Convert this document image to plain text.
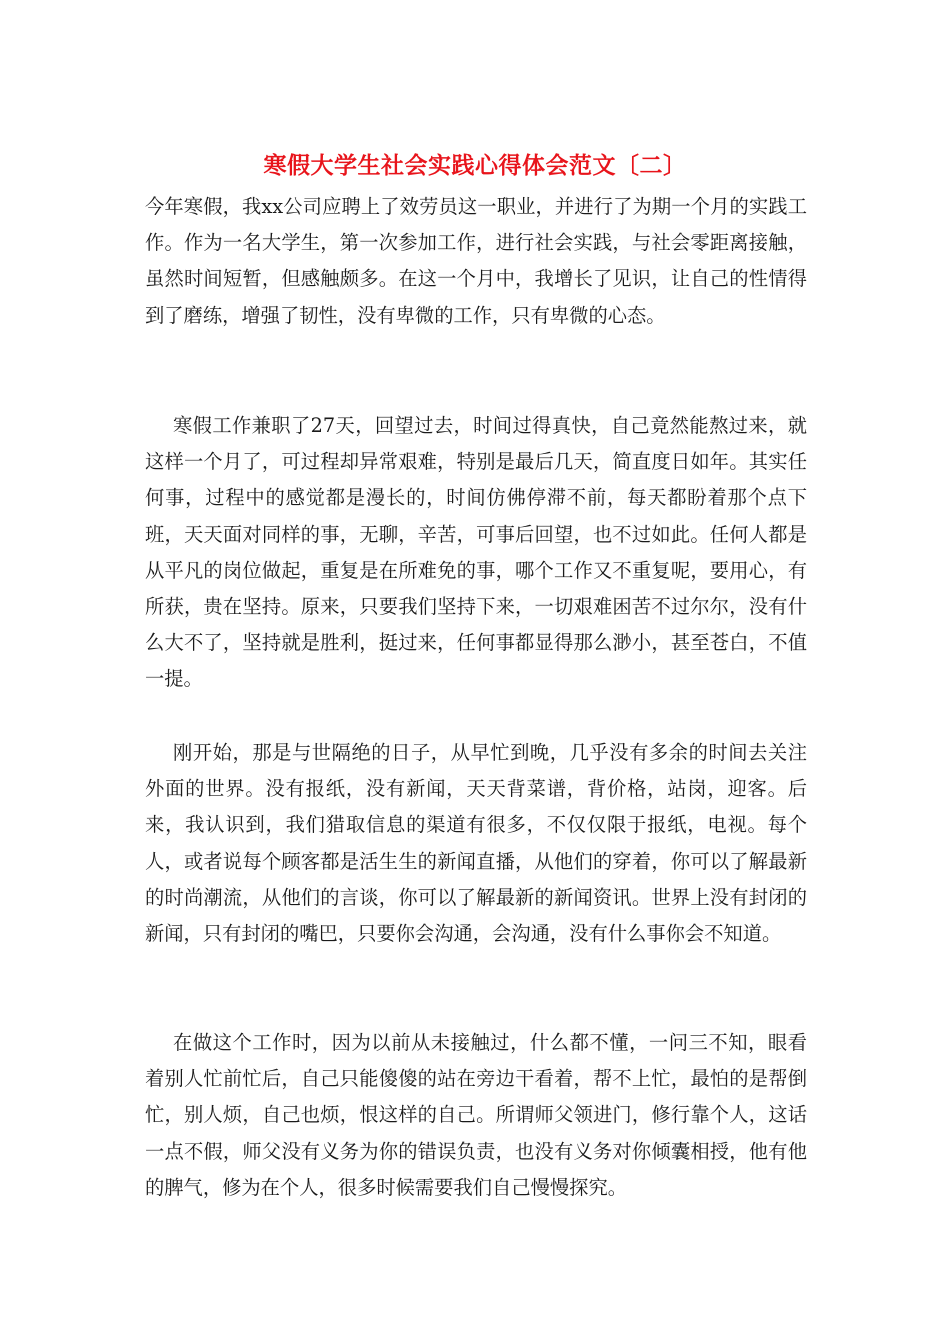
寒假大学生社会实践心得体会范文〔二〕

今年寒假，我xx公司应聘上了效劳员这一职业，并进行了为期一个月的实践工作。作为一名大学生，第一次参加工作，进行社会实践，与社会零距离接触，虽然时间短暂，但感触颇多。在这一个月中，我增长了见识，让自己的性情得到了磨练，增强了韧性，没有卑微的工作，只有卑微的心态。

寒假工作兼职了27天，回望过去，时间过得真快，自己竟然能熬过来，就这样一个月了，可过程却异常艰难，特别是最后几天，简直度日如年。其实任何事，过程中的感觉都是漫长的，时间仿佛停滞不前，每天都盼着那个点下班，天天面对同样的事，无聊，辛苦，可事后回望，也不过如此。任何人都是从平凡的岗位做起，重复是在所难免的事，哪个工作又不重复呢，要用心，有所获，贵在坚持。原来，只要我们坚持下来，一切艰难困苦不过尔尔，没有什么大不了，坚持就是胜利，挺过来，任何事都显得那么渺小，甚至苍白，不值一提。

刚开始，那是与世隔绝的日子，从早忙到晚，几乎没有多余的时间去关注外面的世界。没有报纸，没有新闻，天天背菜谱，背价格，站岗，迎客。后来，我认识到，我们猎取信息的渠道有很多，不仅仅限于报纸，电视。每个人，或者说每个顾客都是活生生的新闻直播，从他们的穿着，你可以了解最新的时尚潮流，从他们的言谈，你可以了解最新的新闻资讯。世界上没有封闭的新闻，只有封闭的嘴巴，只要你会沟通，会沟通，没有什么事你会不知道。

在做这个工作时，因为以前从未接触过，什么都不懂，一问三不知，眼看着别人忙前忙后，自己只能傻傻的站在旁边干看着，帮不上忙，最怕的是帮倒忙，别人烦，自己也烦，恨这样的自己。所谓师父领进门，修行靠个人，这话一点不假，师父没有义务为你的错误负责，也没有义务对你倾囊相授，他有他的脾气，修为在个人，很多时候需要我们自己慢慢探究。
